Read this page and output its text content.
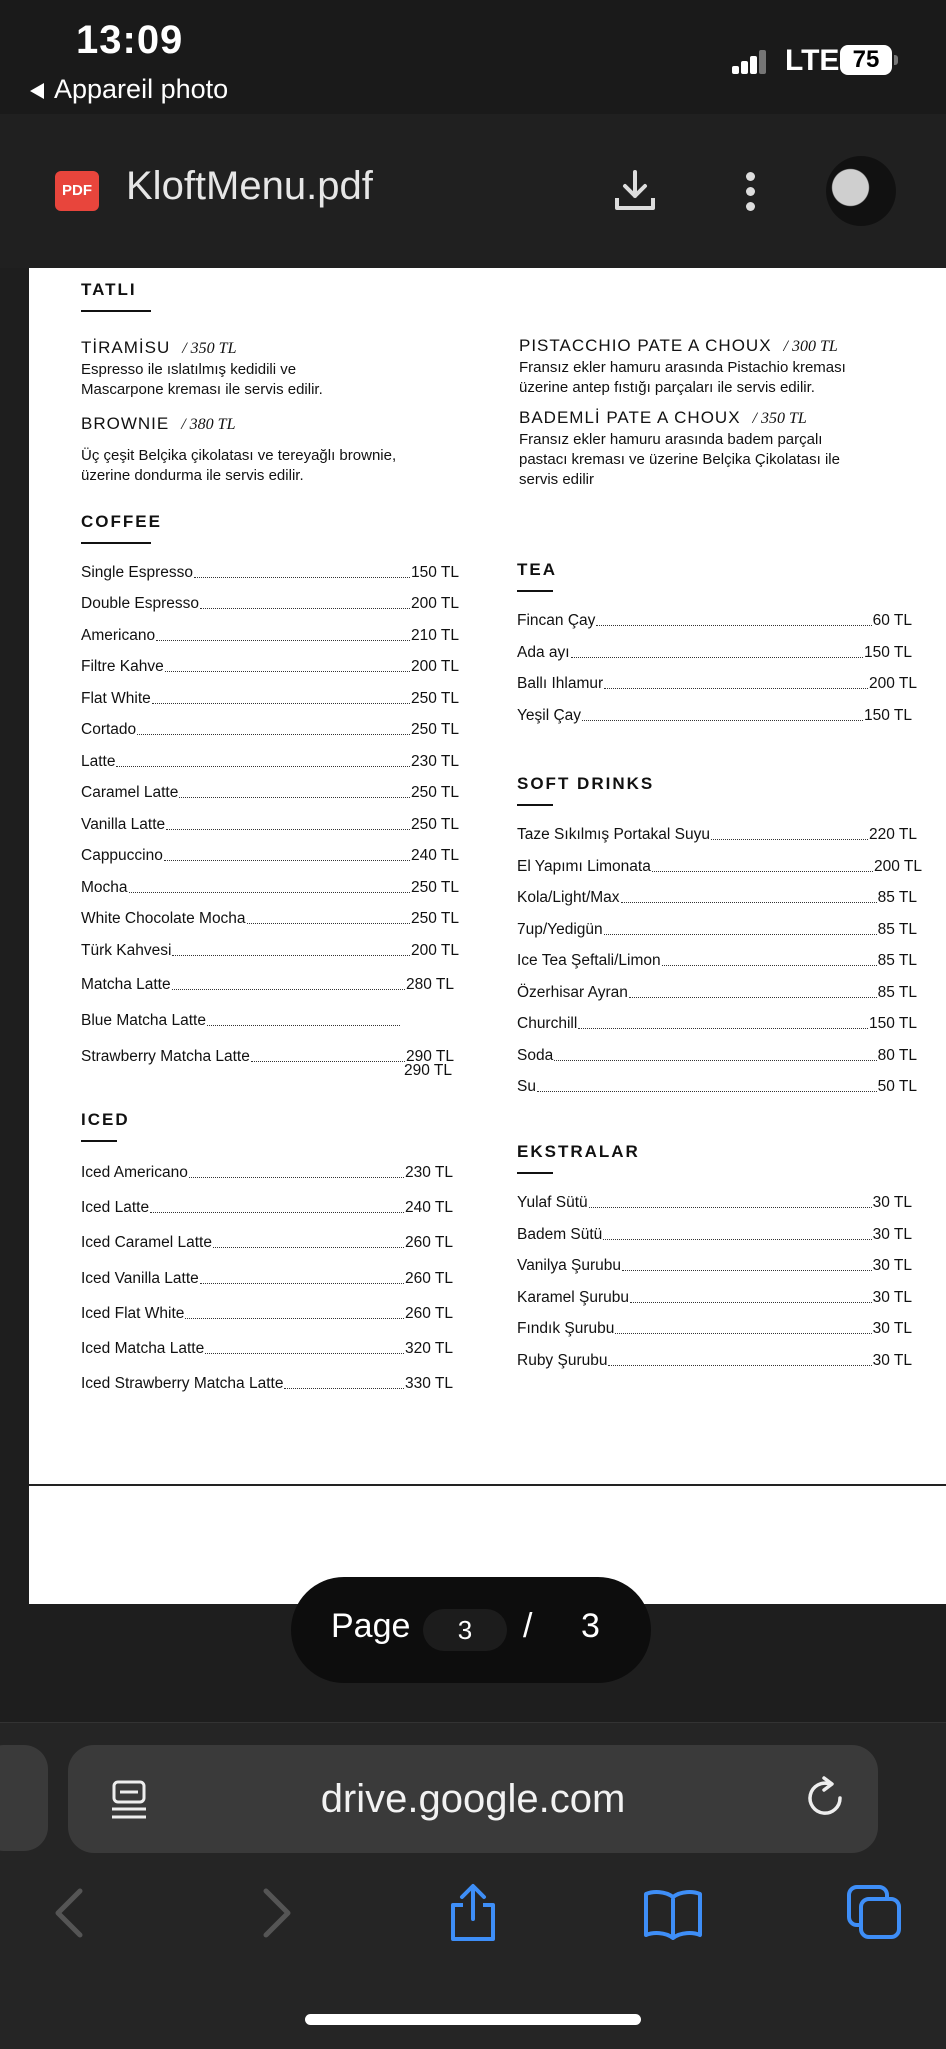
13:09
Appareil photo
LTE 75
PDF KloftMenu.pdf
TATLI
TİRAMİSU / 350 TL
Espresso ile ıslatılmış kedidili ve
Mascarpone kreması ile servis edilir.
BROWNIE / 380 TL
Üç çeşit Belçika çikolatası ve tereyağlı brownie,
üzerine dondurma ile servis edilir.
PISTACCHIO PATE A CHOUX / 300 TL
Fransız ekler hamuru arasında Pistachio kreması
üzerine antep fıstığı parçaları ile servis edilir.
BADEMLİ PATE A CHOUX / 350 TL
Fransız ekler hamuru arasında badem parçalı
pastacı kreması ve üzerine Belçika Çikolatası ile
servis edilir
COFFEE
Single Espresso	150 TL
Double Espresso	200 TL
Americano	210 TL
Filtre Kahve	200 TL
Flat White	250 TL
Cortado	250 TL
Latte	230 TL
Caramel Latte	250 TL
Vanilla Latte	250 TL
Cappuccino	240 TL
Mocha	250 TL
White Chocolate Mocha	250 TL
Türk Kahvesi	200 TL
Matcha Latte	280 TL
Blue Matcha Latte
Strawberry Matcha Latte	290 TL
290 TL
ICED
Iced Americano	230 TL
Iced Latte	240 TL
Iced Caramel Latte	260 TL
Iced Vanilla Latte	260 TL
Iced Flat White	260 TL
Iced Matcha Latte	320 TL
Iced Strawberry Matcha Latte	330 TL
TEA
Fincan Çay	60 TL
Ada ayı	150 TL
Ballı Ihlamur	200 TL
Yeşil Çay	150 TL
SOFT DRINKS
Taze Sıkılmış Portakal Suyu	220 TL
El Yapımı Limonata	200 TL
Kola/Light/Max	85 TL
7up/Yedigün	85 TL
Ice Tea Şeftali/Limon	85 TL
Özerhisar Ayran	85 TL
Churchill	150 TL
Soda	80 TL
Su	50 TL
EKSTRALAR
Yulaf Sütü	30 TL
Badem Sütü	30 TL
Vanilya Şurubu	30 TL
Karamel Şurubu	30 TL
Fındık Şurubu	30 TL
Ruby Şurubu	30 TL
Page	3	/ 3
drive.google.com
